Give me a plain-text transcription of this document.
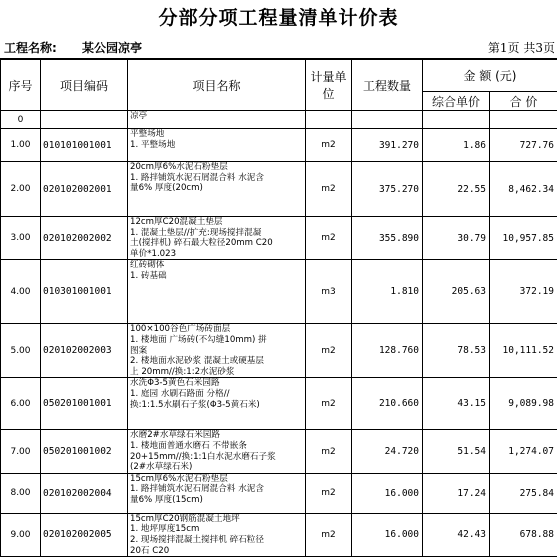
分部分项工程量清单计价表
工程名称: 某公园凉亭	第1页 共3页
序号	项目编码	项目名称	计量单位	工程数量	金 额 (元)	
					综合单价	合 价
0		凉亭				

1.00	010101001001	平整场地
1. 平整场地	m2	391.270	1.86	727.76
2.00	020102002001	20cm厚6%水泥石粉垫层
1. 路拌铺筑水泥石屑混合料 水泥含
量6% 厚度(20cm)	m2	375.270	22.55	8,462.34
3.00	020102002002	12cm厚C20混凝土垫层
1. 混凝土垫层//扩充:现场搅拌混凝
土(搅拌机) 碎石最大粒径20mm C20
单价*1.023	m2	355.890	30.79	10,957.85
4.00	010301001001	红砖砌体
1. 砖基础	m3	1.810	205.63	372.19
5.00	020102002003	100×100谷色广场砖面层
1. 楼地面 广场砖(不勾缝10mm) 拼
图案
2. 楼地面水泥砂浆 混凝土或硬基层
上 20mm//换:1:2水泥砂浆	m2	128.760	78.53	10,111.52
6.00	050201001001	水洗Φ3-5黄色石米园路
1. 庭园 水刷石路面 分格//
换:1:1.5水刷石子浆(Φ3-5黄石米)	m2	210.660	43.15	9,089.98
7.00	050201001002	水磨2#水草绿石米园路
1. 楼地面普通水磨石 不带嵌条
20+15mm//换:1:1白水泥水磨石子浆
(2#水草绿石米)	m2	24.720	51.54	1,274.07
8.00	020102002004	15cm厚6%水泥石粉垫层
1. 路拌铺筑水泥石屑混合料 水泥含
量6% 厚度(15cm)	m2	16.000	17.24	275.84
9.00	020102002005	15cm厚C20钢筋混凝土地坪
1. 地坪厚度15cm
2. 现场搅拌混凝土搅拌机 碎石粒径
20石 C20	m2	16.000	42.43	678.88
